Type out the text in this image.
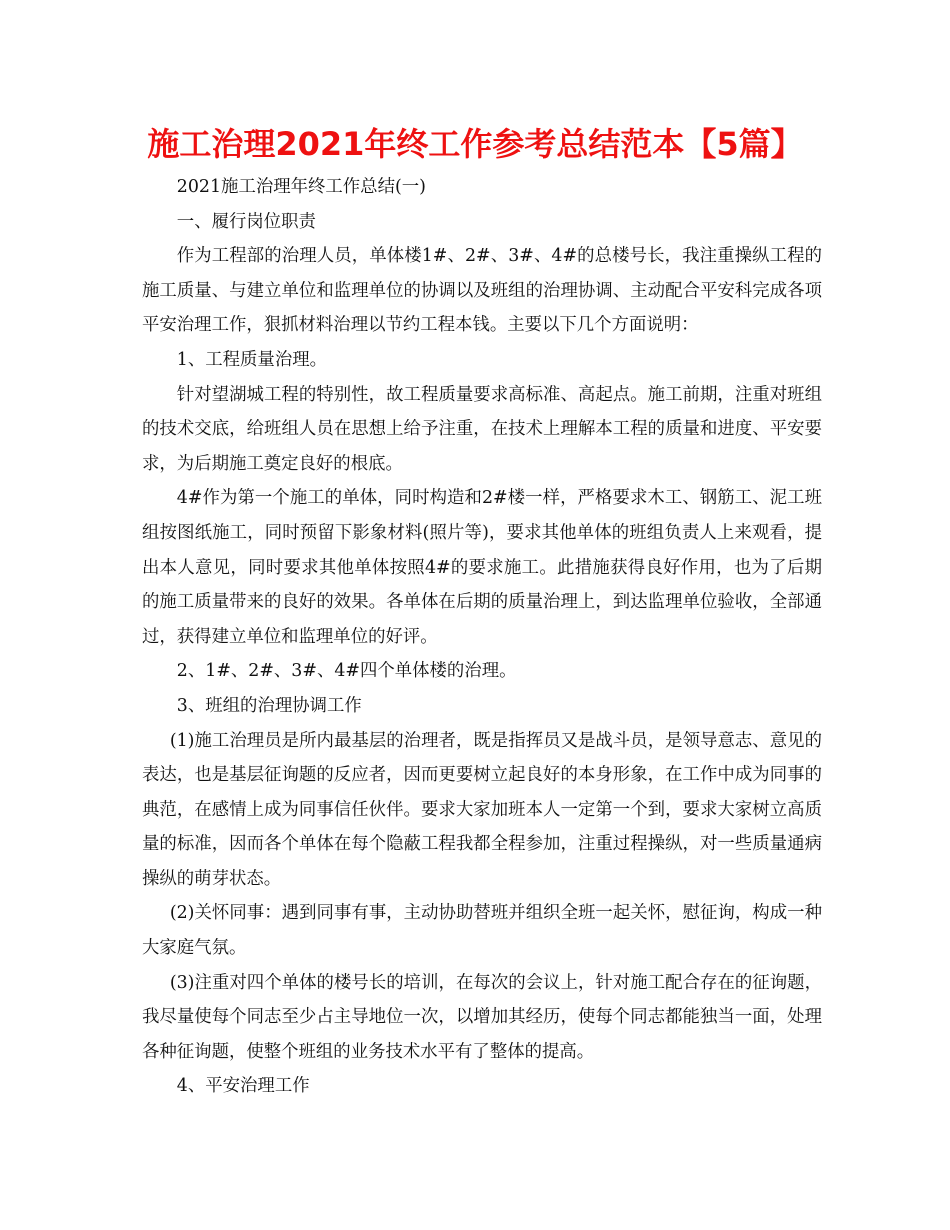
施工治理2021年终工作参考总结范本【5篇】

2021施工治理年终工作总结(一)

一、履行岗位职责

作为工程部的治理人员，单体楼1#、2#、3#、4#的总楼号长，我注重操纵工程的施工质量、与建立单位和监理单位的协调以及班组的治理协调、主动配合平安科完成各项平安治理工作，狠抓材料治理以节约工程本钱。主要以下几个方面说明：

1、工程质量治理。

针对望湖城工程的特别性，故工程质量要求高标准、高起点。施工前期，注重对班组的技术交底，给班组人员在思想上给予注重，在技术上理解本工程的质量和进度、平安要求，为后期施工奠定良好的根底。

4#作为第一个施工的单体，同时构造和2#楼一样，严格要求木工、钢筋工、泥工班组按图纸施工，同时预留下影象材料(照片等)，要求其他单体的班组负责人上来观看，提出本人意见，同时要求其他单体按照4#的要求施工。此措施获得良好作用，也为了后期的施工质量带来的良好的效果。各单体在后期的质量治理上，到达监理单位验收，全部通过，获得建立单位和监理单位的好评。

2、1#、2#、3#、4#四个单体楼的治理。

3、班组的治理协调工作

(1)施工治理员是所内最基层的治理者，既是指挥员又是战斗员，是领导意志、意见的表达，也是基层征询题的反应者，因而更要树立起良好的本身形象，在工作中成为同事的典范，在感情上成为同事信任伙伴。要求大家加班本人一定第一个到，要求大家树立高质量的标准，因而各个单体在每个隐蔽工程我都全程参加，注重过程操纵，对一些质量通病操纵的萌芽状态。

(2)关怀同事：遇到同事有事，主动协助替班并组织全班一起关怀，慰征询，构成一种大家庭气氛。

(3)注重对四个单体的楼号长的培训，在每次的会议上，针对施工配合存在的征询题，我尽量使每个同志至少占主导地位一次，以增加其经历，使每个同志都能独当一面，处理各种征询题，使整个班组的业务技术水平有了整体的提高。

4、平安治理工作
